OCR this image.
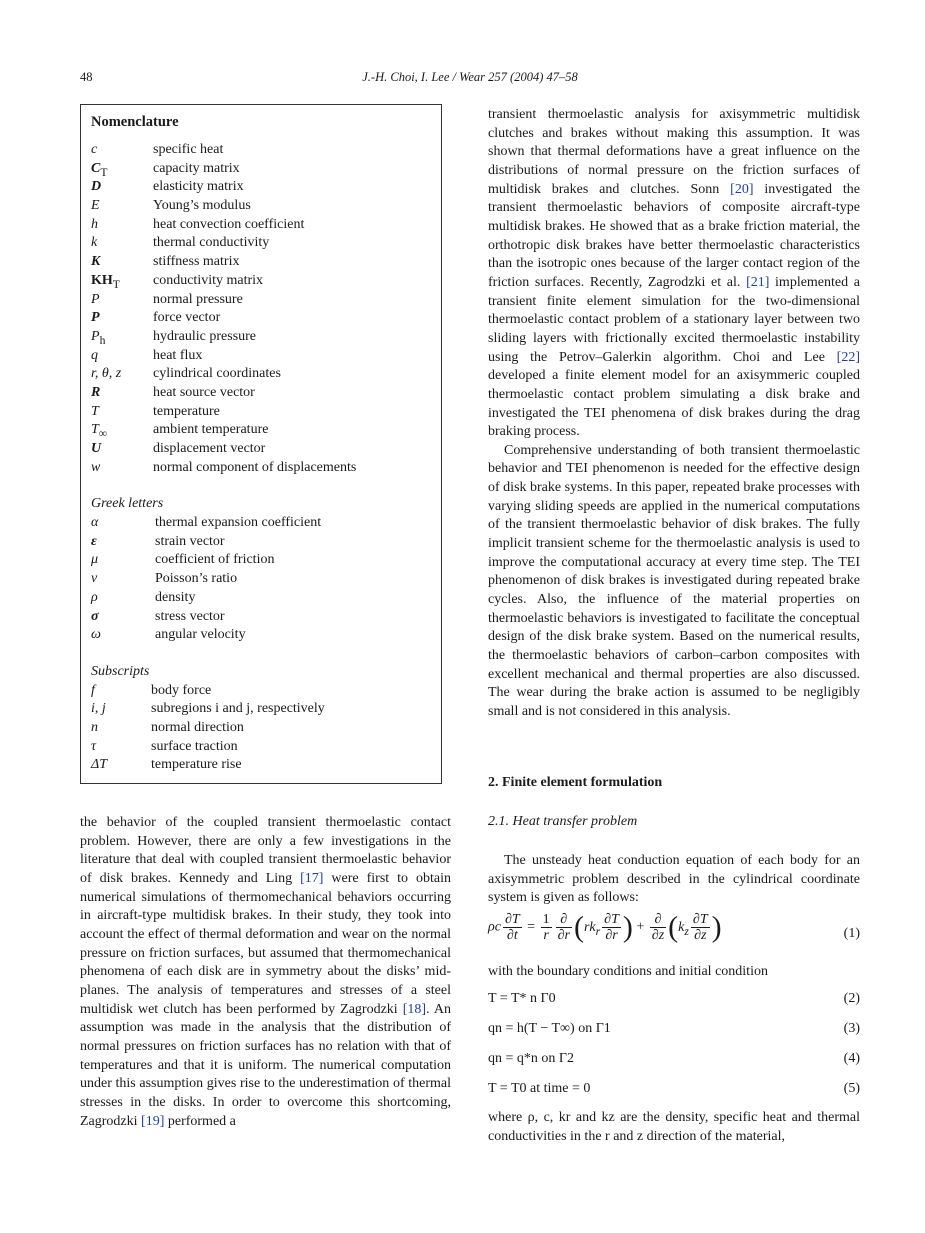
48	J.-H. Choi, I. Lee / Wear 257 (2004) 47–58
Nomenclature
c	specific heat
$C_T$	capacity matrix
D	elasticity matrix
E	Young’s modulus
h	heat convection coefficient
k	thermal conductivity
K	stiffness matrix
$KH_T$ conductivity matrix
P	normal pressure
P	force vector
$P_h$	hydraulic pressure
q	heat flux
r, θ, z cylindrical coordinates
R	heat source vector
T	temperature
$T_\infty$	ambient temperature
U	displacement vector
w	normal component of displacements
Greek letters
α	thermal expansion coefficient
ε	strain vector
μ	coefficient of friction
ν	Poisson’s ratio
ρ	density
σ	stress vector
ω	angular velocity
Subscripts
f	body force
i, j	subregions i and j, respectively
n	normal direction
τ	surface traction
ΔT	temperature rise

the behavior of the coupled transient thermoelastic contact problem. However, there are only a few investigations in the literature that deal with coupled transient thermoelastic behavior of disk brakes. Kennedy and Ling [17] were first to obtain numerical simulations of thermomechanical behaviors occurring in aircraft-type multidisk brakes. In their study, they took into account the effect of thermal deformation and wear on the normal pressure on friction surfaces, but assumed that thermomechanical phenomena of each disk are in symmetry about the disks’ mid-planes. The analysis of temperatures and stresses of a steel multidisk wet clutch has been performed by Zagrodzki [18]. An assumption was made in the analysis that the distribution of normal pressures on friction surfaces has no relation with that of temperatures and that it is uniform. The numerical computation under this assumption gives rise to the underestimation of thermal stresses in the disks. In order to overcome this shortcoming, Zagrodzki [19] performed a

transient thermoelastic analysis for axisymmetric multidisk clutches and brakes without making this assumption. It was shown that thermal deformations have a great influence on the distributions of normal pressure on the friction surfaces of multidisk brakes and clutches. Sonn [20] investigated the transient thermoelastic behaviors of composite aircraft-type multidisk brakes. He showed that as a brake friction material, the orthotropic disk brakes have better thermoelastic characteristics than the isotropic ones because of the larger contact region of the friction surfaces. Recently, Zagrodzki et al. [21] implemented a transient finite element simulation for the two-dimensional thermoelastic contact problem of a stationary layer between two sliding layers with frictionally excited thermoelastic instability using the Petrov–Galerkin algorithm. Choi and Lee [22] developed a finite element model for an axisymmeric coupled thermoelastic contact problem simulating a disk brake and investigated the TEI phenomena of disk brakes during the drag braking process.

Comprehensive understanding of both transient thermoelastic behavior and TEI phenomenon is needed for the effective design of disk brake systems. In this paper, repeated brake processes with varying sliding speeds are applied in the numerical computations of the transient thermoelastic behavior of disk brakes. The fully implicit transient scheme for the thermoelastic analysis is used to improve the computational accuracy at every time step. The TEI phenomenon of disk brakes is investigated during repeated brake cycles. Also, the influence of the material properties on thermoelastic behaviors is investigated to facilitate the conceptual design of the disk brake system. Based on the numerical results, the thermoelastic behaviors of carbon–carbon composites with excellent mechanical and thermal properties are also discussed. The wear during the brake action is assumed to be negligibly small and is not considered in this analysis.

2. Finite element formulation
2.1. Heat transfer problem

The unsteady heat conduction equation of each body for an axisymmetric problem described in the cylindrical coordinate system is given as follows:

ρc $\frac{\partial T}{\partial t} = \frac{1}{r} \frac{\partial}{\partial r} (rk_r \frac{\partial T}{\partial r}$ ) + $\frac{\partial}{\partial z} (k_z \frac{\partial T}{\partial z}$ )	(1)

with the boundary conditions and initial condition

T = T* n Γ0	(2)
qn = h(T − T∞) on Γ1	(3)
qn = q*n on Γ2	(4)
T = T0 at time = 0	(5)

where ρ, c, kr and kz are the density, specific heat and thermal conductivities in the r and z direction of the material,
